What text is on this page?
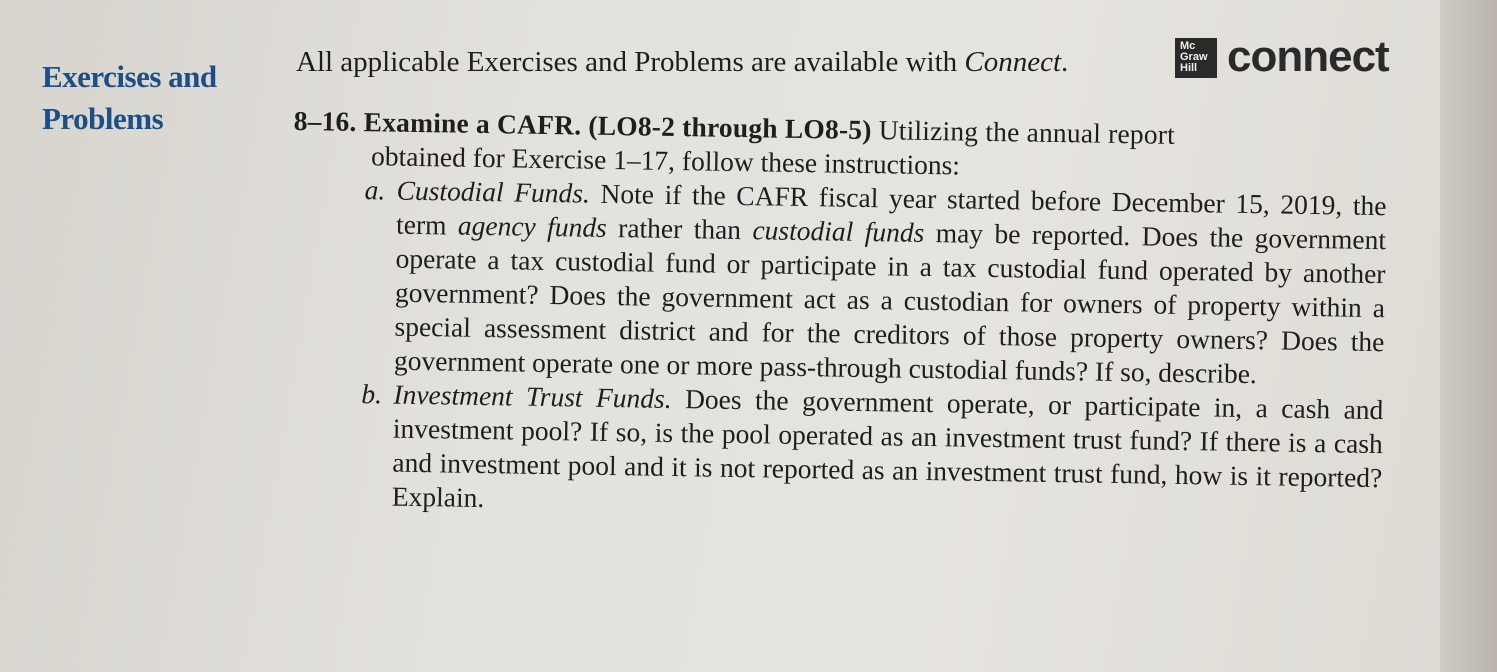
Exercises and
Problems
All applicable Exercises and Problems are available with Connect.	Mc
Graw
Hill connect
8–16. Examine a CAFR. (LO8-2 through LO8-5) Utilizing the annual report
obtained for Exercise 1–17, follow these instructions:
a. Custodial Funds. Note if the CAFR fiscal year started before December 15, 2019, the term agency funds rather than custodial funds may be reported. Does the government operate a tax custodial fund or participate in a tax custodial fund operated by another government? Does the government act as a custodian for owners of property within a special assessment district and for the creditors of those property owners? Does the government operate one or more pass-through custodial funds? If so, describe.

b. Investment Trust Funds. Does the government operate, or participate in, a cash and investment pool? If so, is the pool operated as an investment trust fund? If there is a cash and investment pool and it is not reported as an investment trust fund, how is it reported? Explain.
